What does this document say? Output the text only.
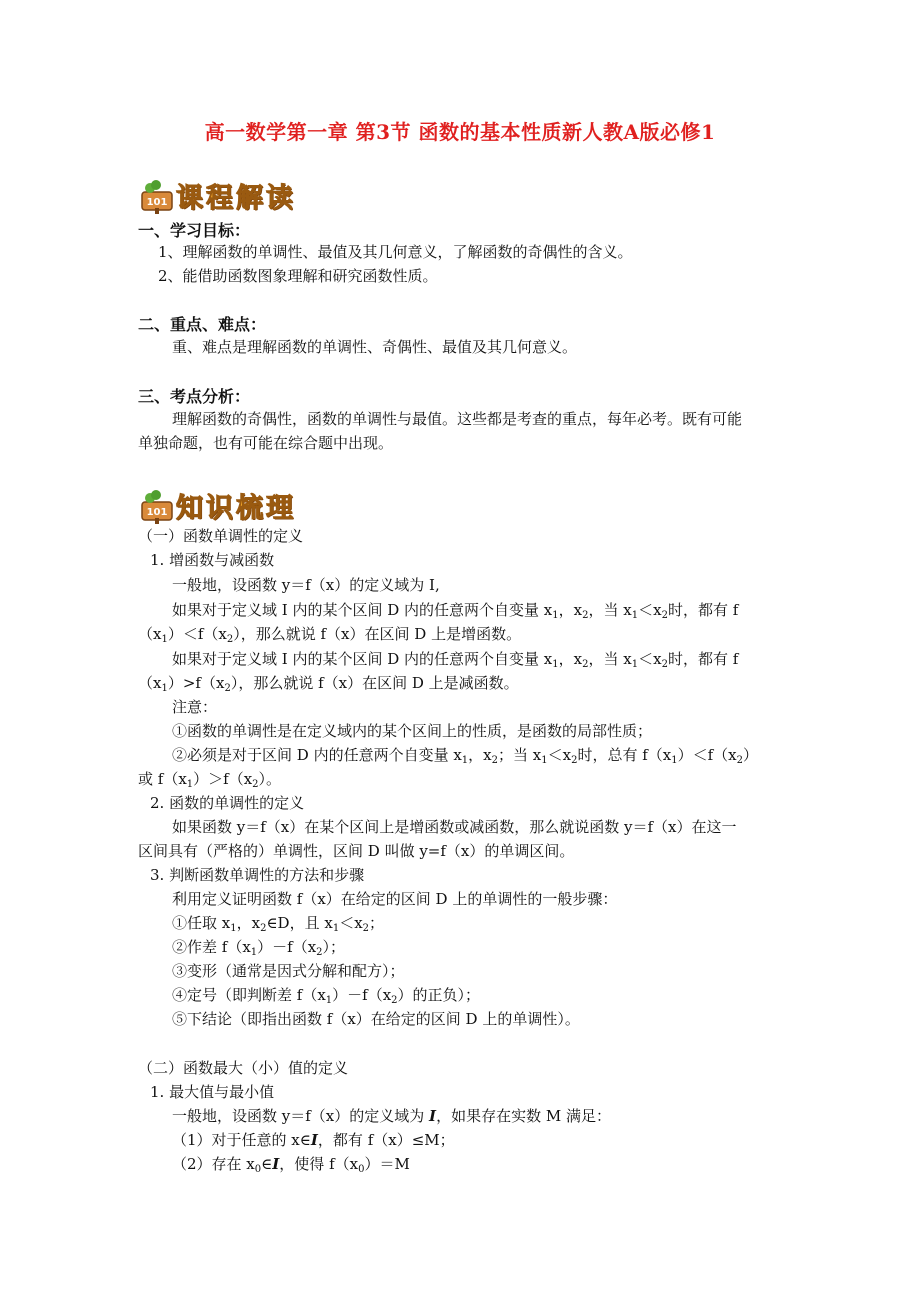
高一数学第一章 第3节 函数的基本性质新人教A版必修1
101 课程解读
一、学习目标：
1、理解函数的单调性、最值及其几何意义，了解函数的奇偶性的含义。
2、能借助函数图象理解和研究函数性质。
二、重点、难点：
重、难点是理解函数的单调性、奇偶性、最值及其几何意义。
三、考点分析：
理解函数的奇偶性，函数的单调性与最值。这些都是考查的重点，每年必考。既有可能
单独命题，也有可能在综合题中出现。
101 知识梳理
（一）函数单调性的定义
1. 增函数与减函数
一般地，设函数 y＝f（x）的定义域为 I,
如果对于定义域 I 内的某个区间 D 内的任意两个自变量 $x_1$，$x_2$，当 $x_1<x_2$时，都有 f
$(x_1)<f(x_2)$，那么就说 f（x）在区间 D 上是增函数。
如果对于定义域 I 内的某个区间 D 内的任意两个自变量 $x_1$，$x_2$，当 $x_1<x_2$时，都有 f
$(x_1)>f(x_2)$，那么就说 f（x）在区间 D 上是减函数。
注意：
①函数的单调性是在定义域内的某个区间上的性质，是函数的局部性质；
②必须是对于区间 D 内的任意两个自变量 $x_1$，$x_2$；当 $x_1<x_2$时，总有 $f(x_1)<f(x_2)$
或 $f(x_1)>f(x_2)$。
2. 函数的单调性的定义
如果函数 y＝f（x）在某个区间上是增函数或减函数，那么就说函数 y＝f（x）在这一
区间具有（严格的）单调性，区间 D 叫做 y=f（x）的单调区间。
3. 判断函数单调性的方法和步骤
利用定义证明函数 f（x）在给定的区间 D 上的单调性的一般步骤：
①任取 $x_1$，$x_2\in D$，且 $x_1<x_2$；
②作差 $f(x_1)-f(x_2)$；
③变形（通常是因式分解和配方）；
④定号（即判断差 $f(x_1)-f(x_2)$的正负）；
⑤下结论（即指出函数 f（x）在给定的区间 D 上的单调性）。
（二）函数最大（小）值的定义
1. 最大值与最小值
一般地，设函数 y＝f（x）的定义域为 I，如果存在实数 M 满足：
（1）对于任意的 x∈I，都有 f（x）≤M；
（2）存在 $x_0\in I$，使得 $f(x_0)=M$
